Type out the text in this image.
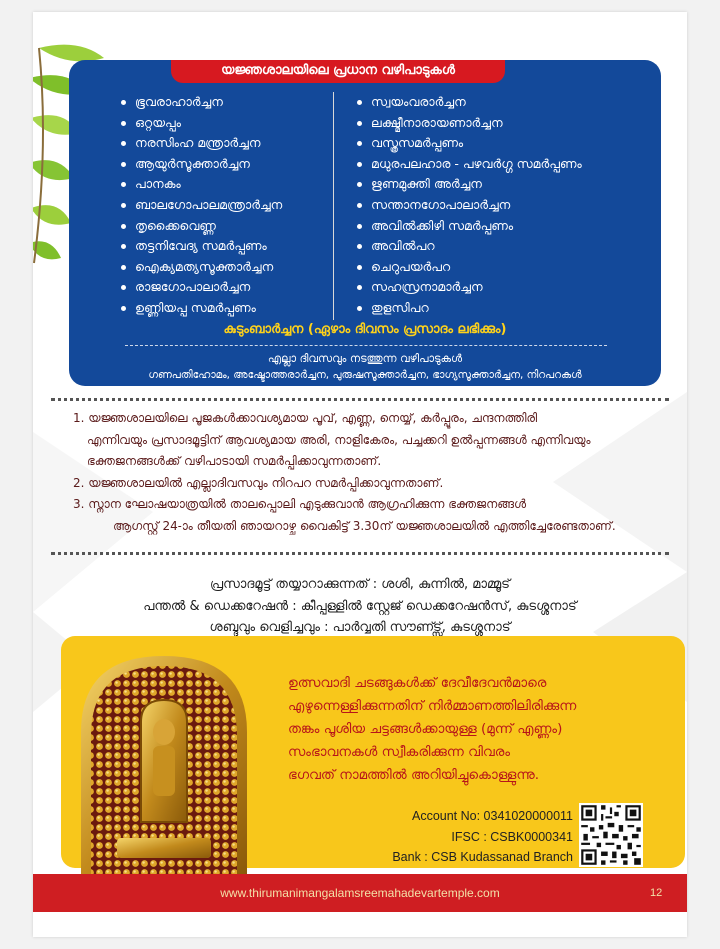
യജ്ഞശാലയിലെ പ്രധാന വഴിപാടുകൾ
ഭൂവരാഹാർച്ചന
ഒറ്റയപ്പം
നരസിംഹ മന്ത്രാർച്ചന
ആയുർസൂക്താർച്ചന
പാനകം
ബാലഗോപാലമന്ത്രാർച്ചന
തൃക്കൈവെണ്ണ
തട്ടനിവേദ്യ സമർപ്പണം
ഐക്യമത്യസൂക്താർച്ചന
രാജഗോപാലാർച്ചന
ഉണ്ണിയപ്പ സമർപ്പണം
സ്വയംവരാർച്ചന
ലക്ഷ്മീനാരായണാർച്ചന
വസ്ത്രസമർപ്പണം
മധുരപലഹാര - പഴവർഗ്ഗ സമർപ്പണം
ഋണമുക്തി അർച്ചന
സന്താനഗോപാലാർച്ചന
അവിൽക്കിഴി സമർപ്പണം
അവിൽപറ
ചെറുപയർപറ
സഹസ്രനാമാർച്ചന
തുളസിപറ
കുടുംബാർച്ചന (ഏഴാം ദിവസം പ്രസാദം ലഭിക്കും)
എല്ലാ ദിവസവും നടത്തുന്ന വഴിപാടുകൾ
ഗണപതിഹോമം, അഷ്ടോത്തരാർച്ചന, പുരുഷസൂക്താർച്ചന, ഭാഗ്യസൂക്താർച്ചന, നിറപറകൾ
1. യജ്ഞശാലയിലെ പൂജകൾക്കാവശ്യമായ പൂവ്, എണ്ണ, നെയ്യ്, കർപ്പൂരം, ചന്ദനത്തിരി
എന്നിവയും പ്രസാദമൂട്ടിന് ആവശ്യമായ അരി, നാളികേരം, പച്ചക്കറി ഉൽപ്പന്നങ്ങൾ എന്നിവയും
ഭക്തജനങ്ങൾക്ക് വഴിപാടായി സമർപ്പിക്കാവുന്നതാണ്.
2. യജ്ഞശാലയിൽ എല്ലാദിവസവും നിറപറ സമർപ്പിക്കാവുന്നതാണ്.
3. സ്നാന ഘോഷയാത്രയിൽ താലപ്പൊലി എടുക്കുവാൻ ആഗ്രഹിക്കുന്ന ഭക്തജനങ്ങൾ
ആഗസ്റ്റ് 24-ാം തീയതി ഞായറാഴ്ച വൈകിട്ട് 3.30ന് യജ്ഞശാലയിൽ എത്തിച്ചേരേണ്ടതാണ്.
പ്രസാദമൂട്ട് തയ്യാറാക്കുന്നത് : ശശി, കുന്നിൽ, മാമ്മൂട്
പന്തൽ & ഡെക്കറേഷൻ : കീപ്പള്ളിൽ സ്റ്റേജ് ഡെക്കറേഷൻസ്, കുടശ്ശനാട്
ശബ്ദവും വെളിച്ചവും : പാർവ്വതി സൗണ്ട്സ്, കുടശ്ശനാട്
ഉത്സവാദി ചടങ്ങുകൾക്ക് ദേവീദേവൻമാരെ
എഴുന്നെള്ളിക്കുന്നതിന് നിർമ്മാണത്തിലിരിക്കുന്ന
തങ്കം പൂശിയ ചട്ടങ്ങൾക്കായുള്ള (മുന്ന് എണ്ണം)
സംഭാവനകൾ സ്വീകരിക്കുന്ന വിവരം
ഭഗവത് നാമത്തിൽ അറിയിച്ചുകൊള്ളുന്നു.
Account No: 0341020000011
IFSC : CSBK0000341
Bank : CSB Kudassanad Branch
www.thirumanimangalamsreemahadevartemple.com	12
